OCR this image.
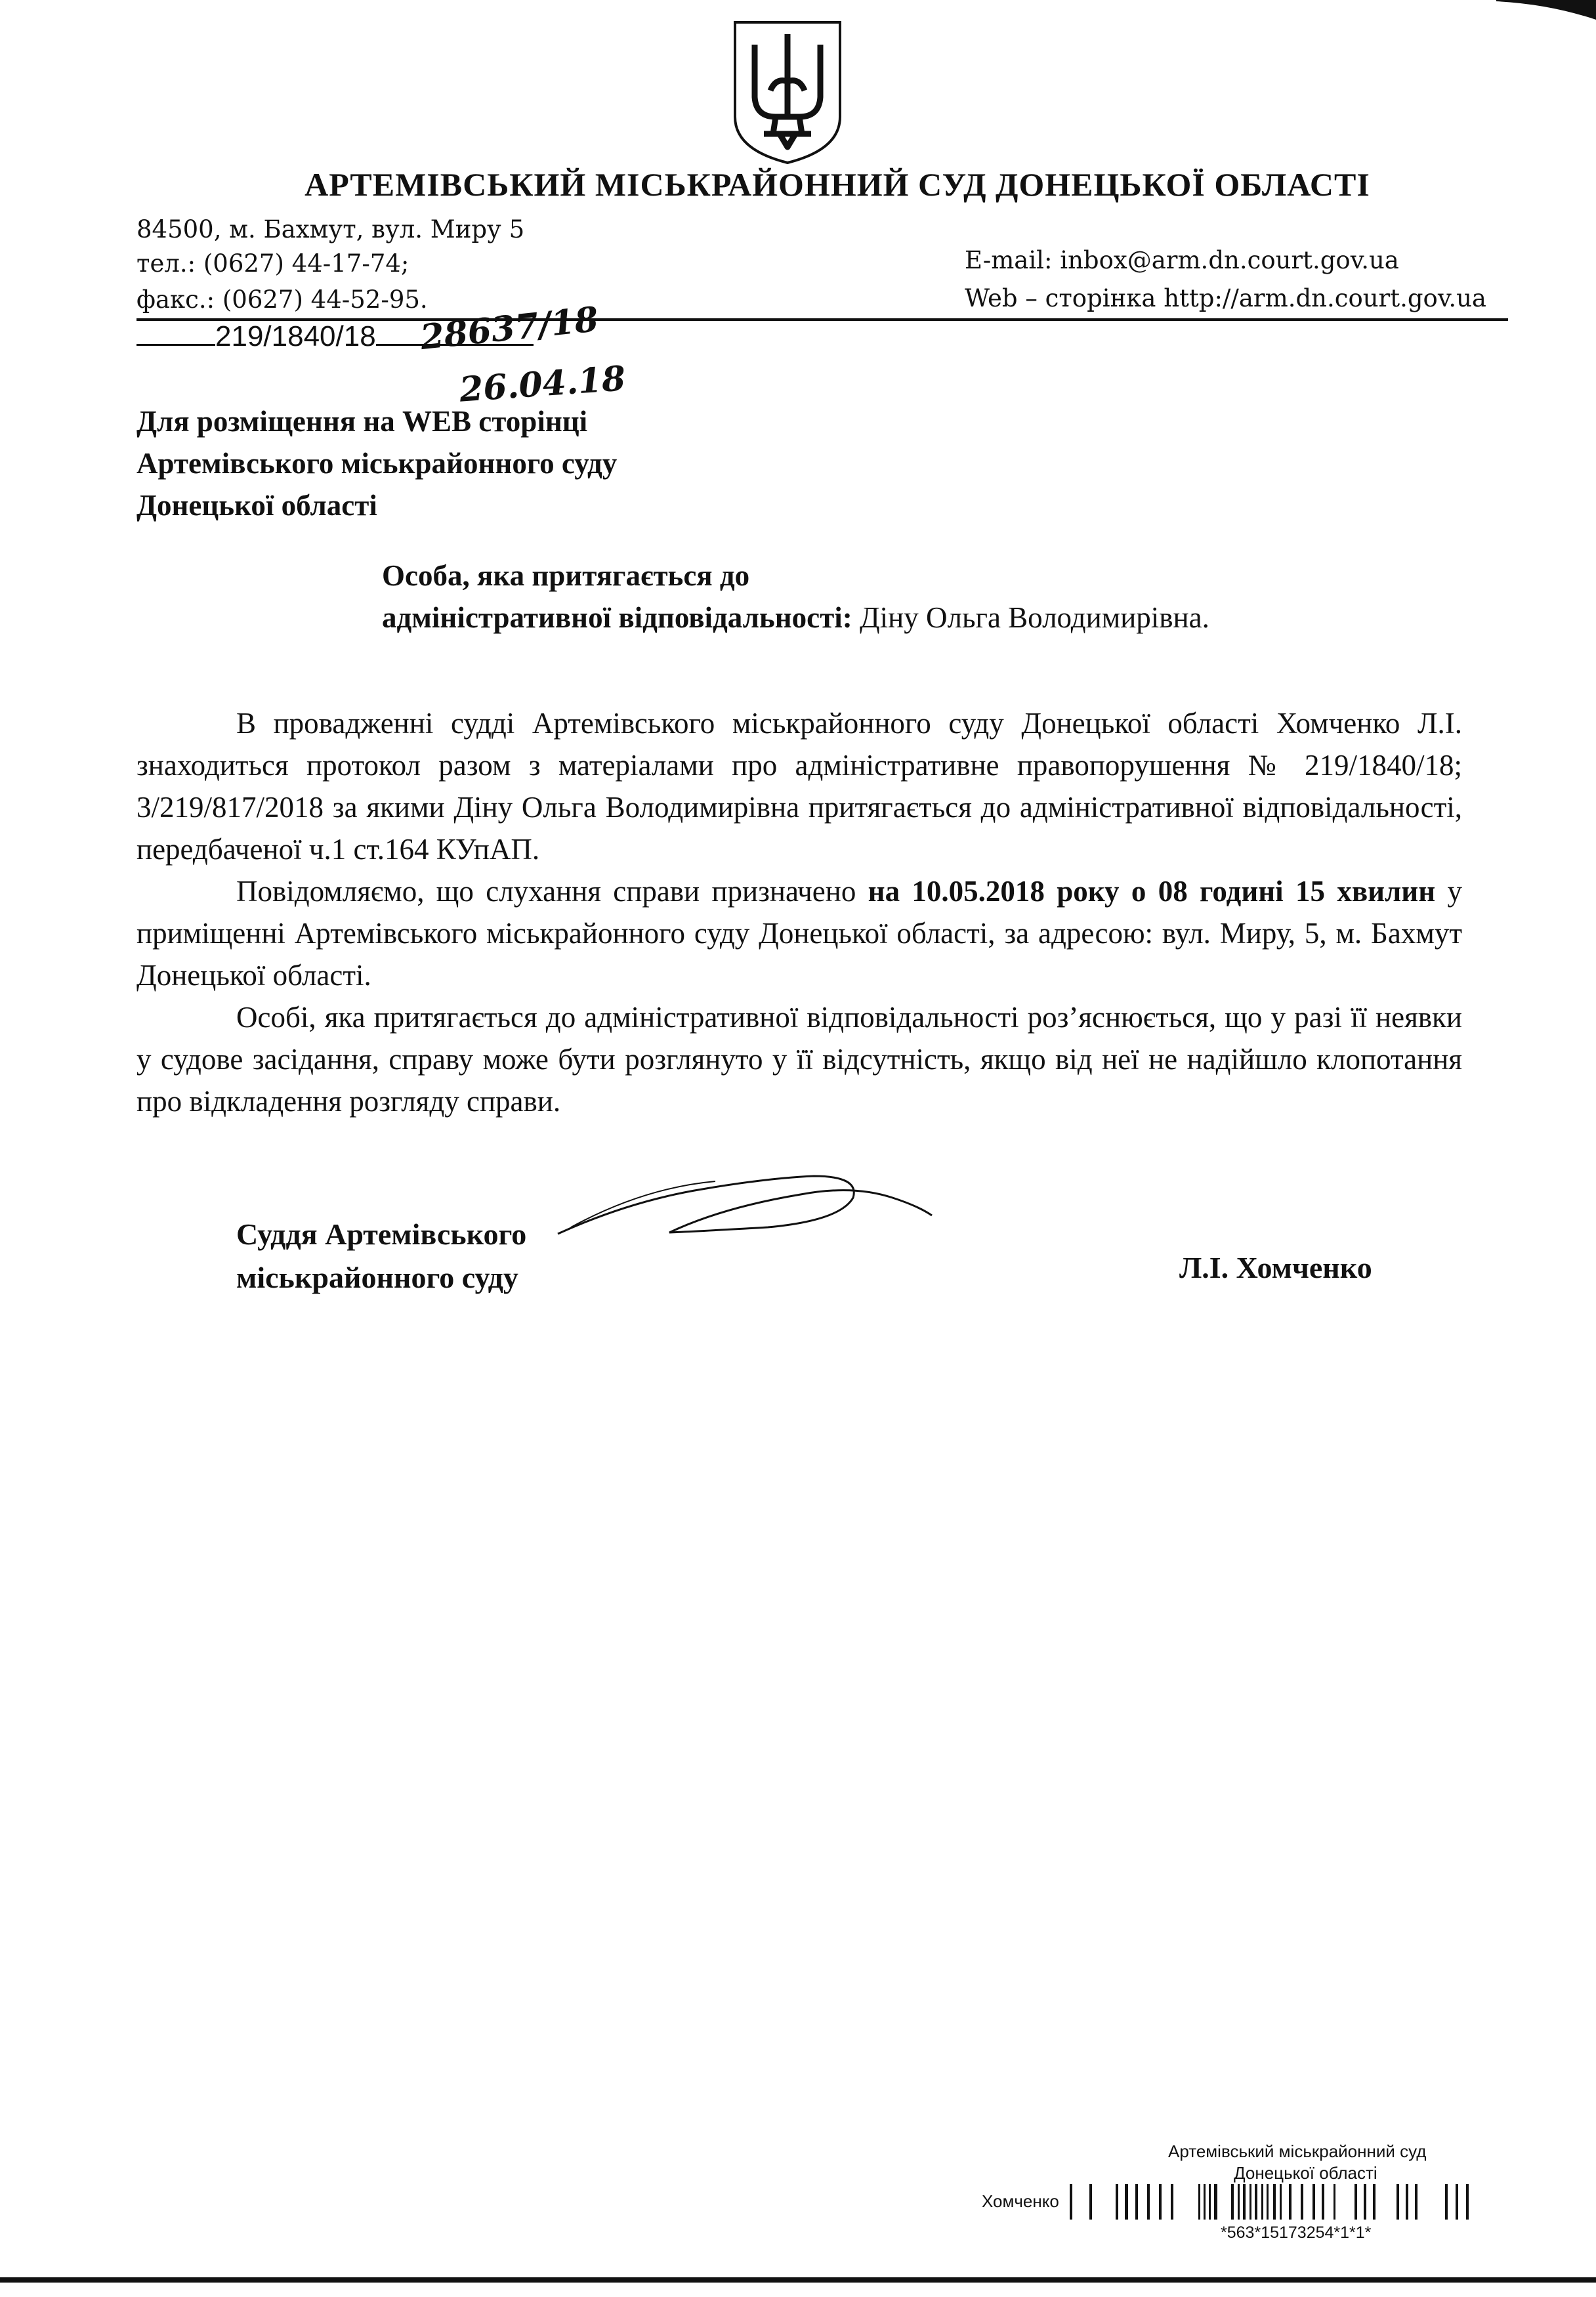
АРТЕМІВСЬКИЙ МІСЬКРАЙОННИЙ СУД ДОНЕЦЬКОЇ ОБЛАСТІ
84500, м. Бахмут, вул. Миру 5
тел.: (0627) 44-17-74;
факс.: (0627) 44-52-95.
E-mail: inbox@arm.dn.court.gov.ua
Web – сторінка http://arm.dn.court.gov.ua
219/1840/18	28637/18
26.04.18
Для розміщення на WEB сторінці
Артемівського міськрайонного суду
Донецької області
Особа, яка притягається до
адміністративної відповідальності: Діну Ольга Володимирівна.

В провадженні судді Артемівського міськрайонного суду Донецької області Хомченко Л.І. знаходиться протокол разом з матеріалами про адміністративне правопорушення № 219/1840/18; 3/219/817/2018 за якими Діну Ольга Володимирівна притягається до адміністративної відповідальності, передбаченої ч.1 ст.164 КУпАП.

Повідомляємо, що слухання справи призначено на 10.05.2018 року о 08 годині 15 хвилин у приміщенні Артемівського міськрайонного суду Донецької області, за адресою: вул. Миру, 5, м. Бахмут Донецької області.

Особі, яка притягається до адміністративної відповідальності роз’яснюється, що у разі її неявки у судове засідання, справу може бути розглянуто у її відсутність, якщо від неї не надійшло клопотання про відкладення розгляду справи.

Суддя Артемівського
міськрайонного суду	Л.І. Хомченко
Артемівський міськрайонний суд
Донецької області
Хомченко
*563*15173254*1*1*
